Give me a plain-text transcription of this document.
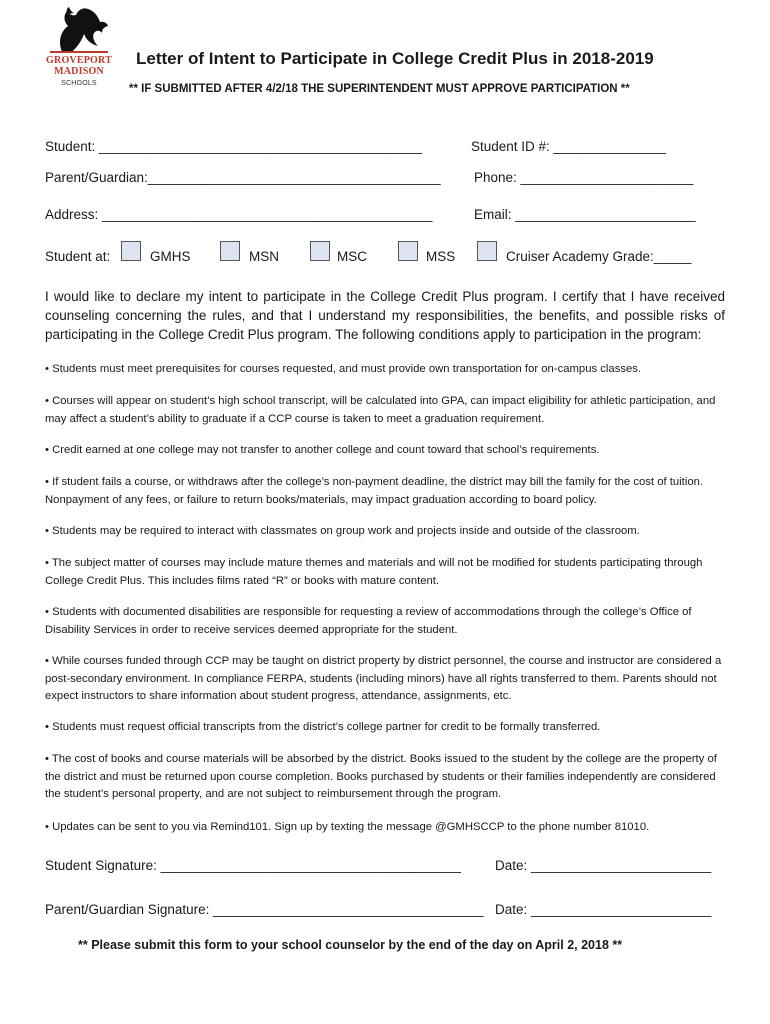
GROVEPORT
MADISON
SCHOOLS
Letter of Intent to Participate in College Credit Plus in 2018-2019
** IF SUBMITTED AFTER 4/2/18 THE SUPERINTENDENT MUST APPROVE PARTICIPATION **
Student: ___________________________________________	Student ID #: _______________
Parent/Guardian:_______________________________________ Phone: _______________________
Address: ____________________________________________	Email: ________________________
Student at:	GMHS	MSN	MSC	MSS	Cruiser Academy Grade:_____
I would like to declare my intent to participate in the College Credit Plus program. I certify that I have received counseling concerning the rules, and that I understand my responsibilities, the benefits, and possible risks of participating in the College Credit Plus program. The following conditions apply to participation in the program:
• Students must meet prerequisites for courses requested, and must provide own transportation for on-campus classes.
• Courses will appear on student’s high school transcript, will be calculated into GPA, can impact eligibility for athletic participation, and may affect a student’s ability to graduate if a CCP course is taken to meet a graduation requirement.
• Credit earned at one college may not transfer to another college and count toward that school’s requirements.
• If student fails a course, or withdraws after the college’s non-payment deadline, the district may bill the family for the cost of tuition. Nonpayment of any fees, or failure to return books/materials, may impact graduation according to board policy.
• Students may be required to interact with classmates on group work and projects inside and outside of the classroom.
• The subject matter of courses may include mature themes and materials and will not be modified for students participating through College Credit Plus. This includes films rated “R” or books with mature content.
• Students with documented disabilities are responsible for requesting a review of accommodations through the college’s Office of Disability Services in order to receive services deemed appropriate for the student.
• While courses funded through CCP may be taught on district property by district personnel, the course and instructor are considered a post-secondary environment. In compliance FERPA, students (including minors) have all rights transferred to them. Parents should not expect instructors to share information about student progress, attendance, assignments, etc.
• Students must request official transcripts from the district’s college partner for credit to be formally transferred.
• The cost of books and course materials will be absorbed by the district. Books issued to the student by the college are the property of the district and must be returned upon course completion. Books purchased by students or their families independently are considered the student’s personal property, and are not subject to reimbursement through the program.
• Updates can be sent to you via Remind101. Sign up by texting the message @GMHSCCP to the phone number 81010.
Student Signature: ________________________________________	Date: ________________________
Parent/Guardian Signature: ____________________________________ Date: ________________________
** Please submit this form to your school counselor by the end of the day on April 2, 2018 **
